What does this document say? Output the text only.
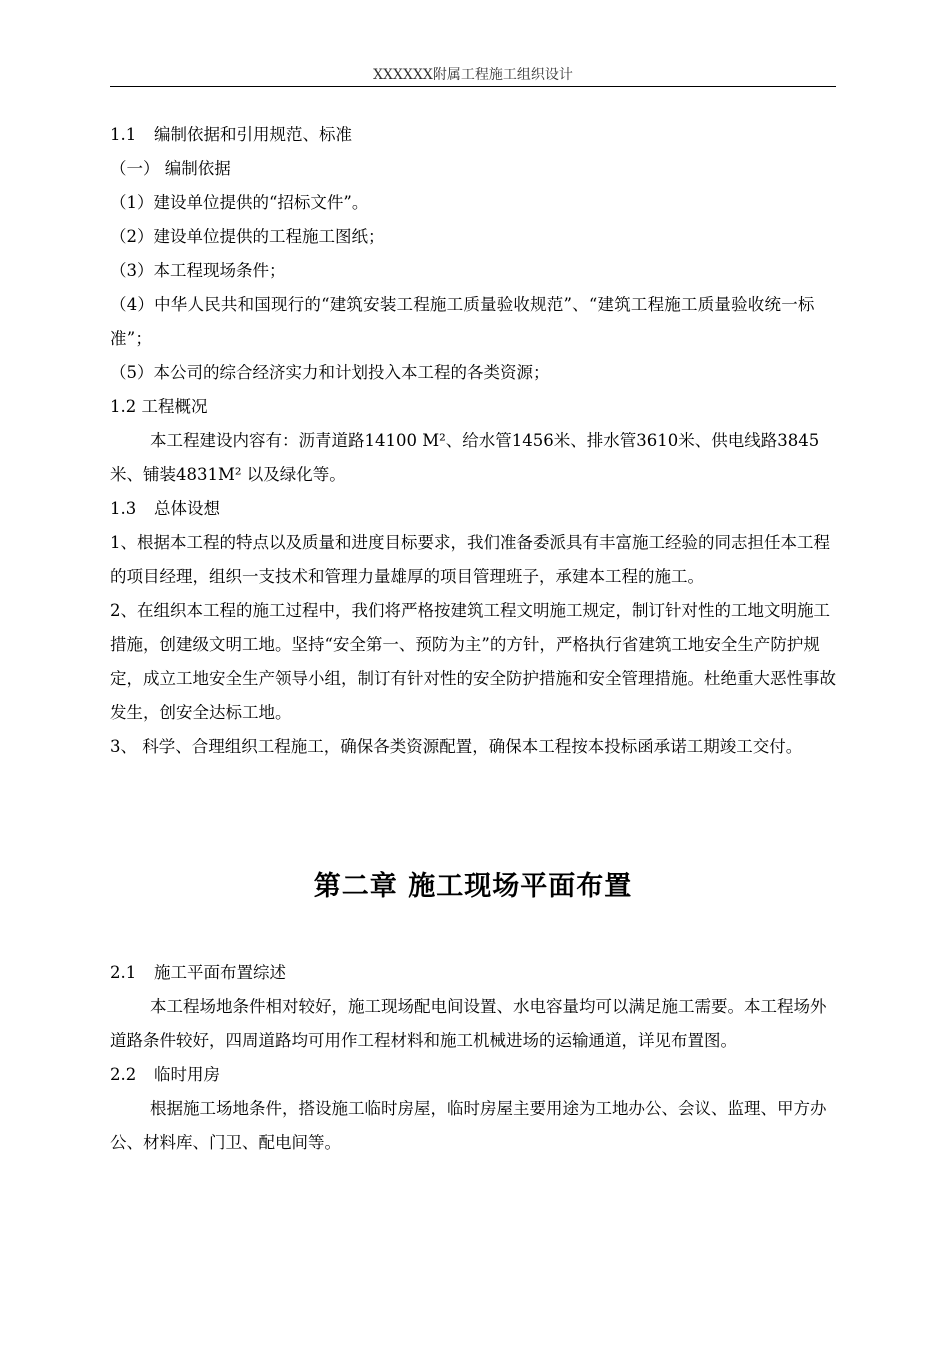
XXXXXX附属工程施工组织设计
1.1 编制依据和引用规范、标准
（一） 编制依据
（1）建设单位提供的“招标文件”。
（2）建设单位提供的工程施工图纸；
（3）本工程现场条件；
（4）中华人民共和国现行的“建筑安装工程施工质量验收规范”、“建筑工程施工质量验收统一标准”；
（5）本公司的综合经济实力和计划投入本工程的各类资源；
1.2 工程概况
本工程建设内容有：沥青道路14100 M²、给水管1456米、排水管3610米、供电线路3845米、铺装4831M² 以及绿化等。
1.3 总体设想
1、根据本工程的特点以及质量和进度目标要求，我们准备委派具有丰富施工经验的同志担任本工程的项目经理，组织一支技术和管理力量雄厚的项目管理班子，承建本工程的施工。
2、在组织本工程的施工过程中，我们将严格按建筑工程文明施工规定，制订针对性的工地文明施工措施，创建级文明工地。坚持“安全第一、预防为主”的方针，严格执行省建筑工地安全生产防护规定，成立工地安全生产领导小组，制订有针对性的安全防护措施和安全管理措施。杜绝重大恶性事故发生，创安全达标工地。
3、 科学、合理组织工程施工，确保各类资源配置，确保本工程按本投标函承诺工期竣工交付。
第二章 施工现场平面布置
2.1 施工平面布置综述
本工程场地条件相对较好，施工现场配电间设置、水电容量均可以满足施工需要。本工程场外道路条件较好，四周道路均可用作工程材料和施工机械进场的运输通道，详见布置图。
2.2 临时用房
根据施工场地条件，搭设施工临时房屋，临时房屋主要用途为工地办公、会议、监理、甲方办公、材料库、门卫、配电间等。
